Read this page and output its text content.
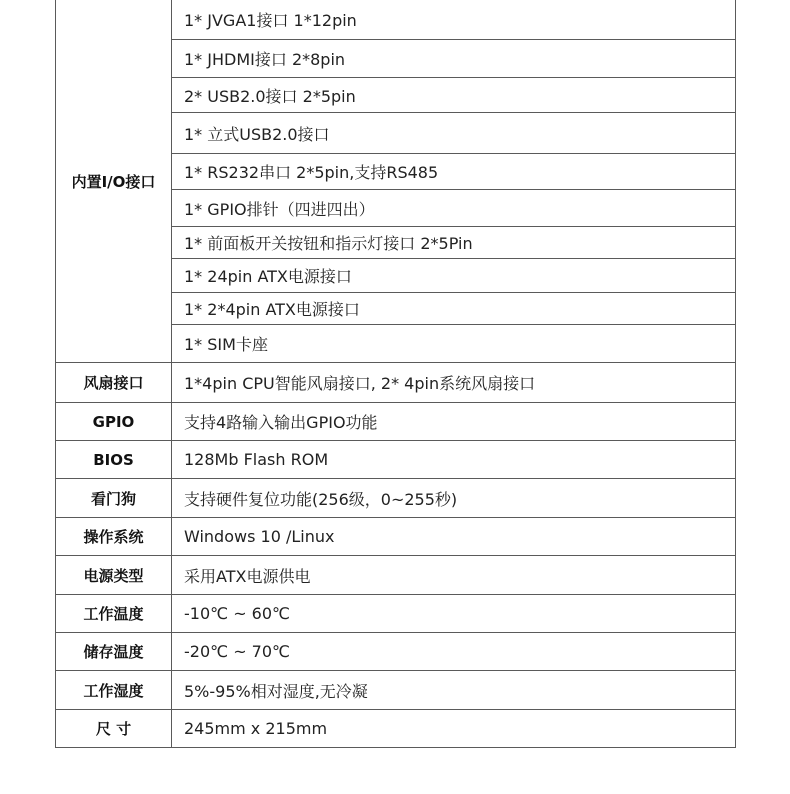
内置I/O接口	1* JVGA1接口 1*12pin
	1* JHDMI接口 2*8pin
	2* USB2.0接口 2*5pin
	1* 立式USB2.0接口
	1* RS232串口 2*5pin,支持RS485
	1* GPIO排针（四进四出）
	1* 前面板开关按钮和指示灯接口 2*5Pin
	1* 24pin ATX电源接口
	1* 2*4pin ATX电源接口
	1* SIM卡座
风扇接口	1*4pin CPU智能风扇接口, 2* 4pin系统风扇接口
GPIO	支持4路输入输出GPIO功能
BIOS	128Mb Flash ROM
看门狗	支持硬件复位功能(256级，0~255秒)
操作系统	Windows 10 /Linux
电源类型	采用ATX电源供电
工作温度	-10℃ ~ 60℃
储存温度	-20℃ ~ 70℃
工作湿度	5%-95%相对湿度,无冷凝
尺 寸	245mm x 215mm
